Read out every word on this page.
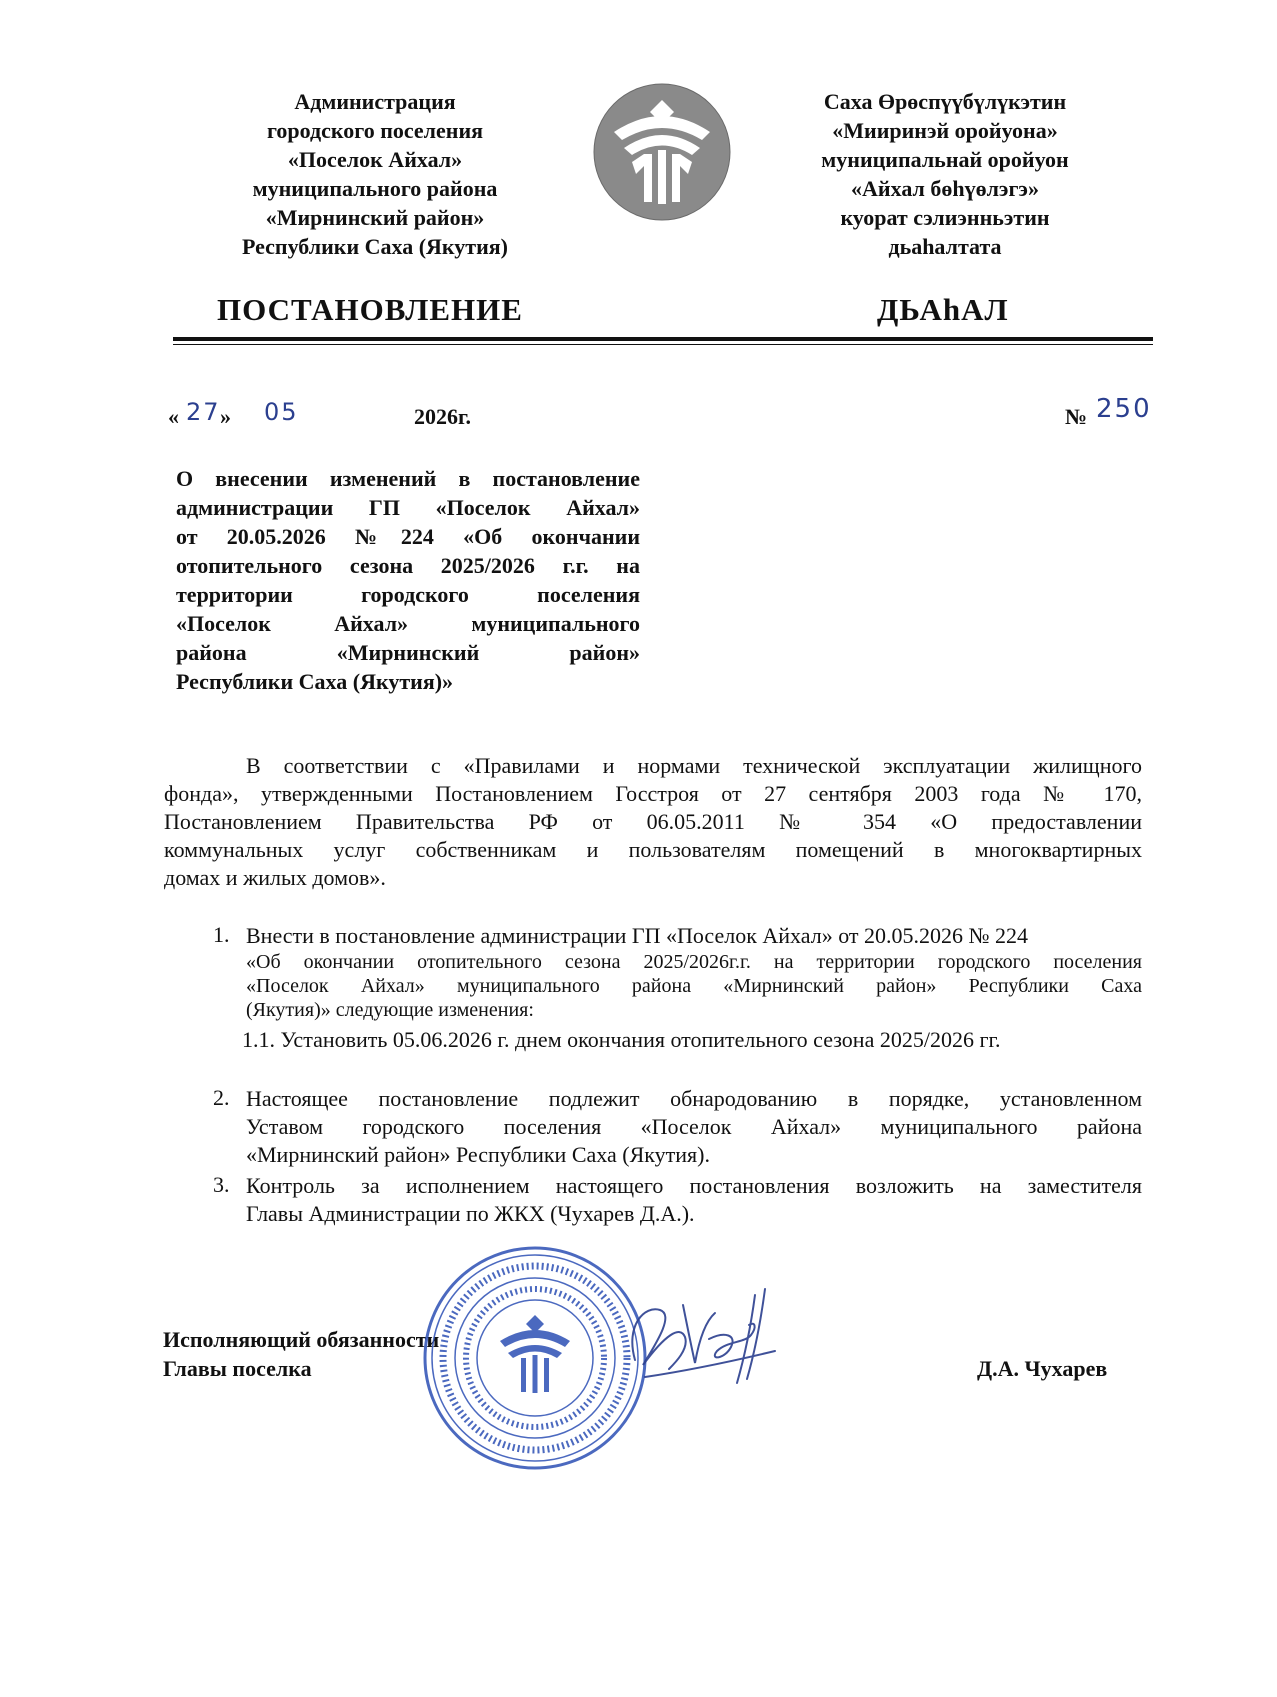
Администрация
городского поселения
«Поселок Айхал»
муниципального района
«Мирнинский район»
Республики Саха (Якутия)
Саха Өрөспүүбүлүкэтин
«Мииринэй оройуона»
муниципальнай оройуон
«Айхал бөһүөлэгэ»
куорат сэлиэнньэтин
дьаһалтата
ПОСТАНОВЛЕНИЕ	ДЬАhАЛ
« 27 » 05	2026г.	№ 250
О внесении изменений в постановление
администрации ГП «Поселок Айхал»
от 20.05.2026 №224 «Об окончании
отопительного сезона 2025/2026 г.г. на
территории городского поселения
«Поселок Айхал» муниципального
района «Мирнинский район»
Республики Саха (Якутия)»
В соответствии с «Правилами и нормами технической эксплуатации жилищного
фонда», утвержденными Постановлением Госстроя от 27 сентября 2003 года № 170,
Постановлением Правительства РФ от 06.05.2011 № 354 «О предоставлении
коммунальных услуг собственникам и пользователям помещений в многоквартирных
домах и жилых домов».
1. Внести в постановление администрации ГП «Поселок Айхал» от 20.05.2026 № 224
«Об окончании отопительного сезона 2025/2026г.г. на территории городского поселения
«Поселок Айхал» муниципального района «Мирнинский район» Республики Саха
(Якутия)» следующие изменения:
1.1. Установить 05.06.2026 г. днем окончания отопительного сезона 2025/2026 гг.
2. Настоящее постановление подлежит обнародованию в порядке, установленном
Уставом городского поселения «Поселок Айхал» муниципального района
«Мирнинский район» Республики Саха (Якутия).
3. Контроль за исполнением настоящего постановления возложить на заместителя
Главы Администрации по ЖКХ (Чухарев Д.А.).
Исполняющий обязанности
Главы поселка	Д.А. Чухарев
